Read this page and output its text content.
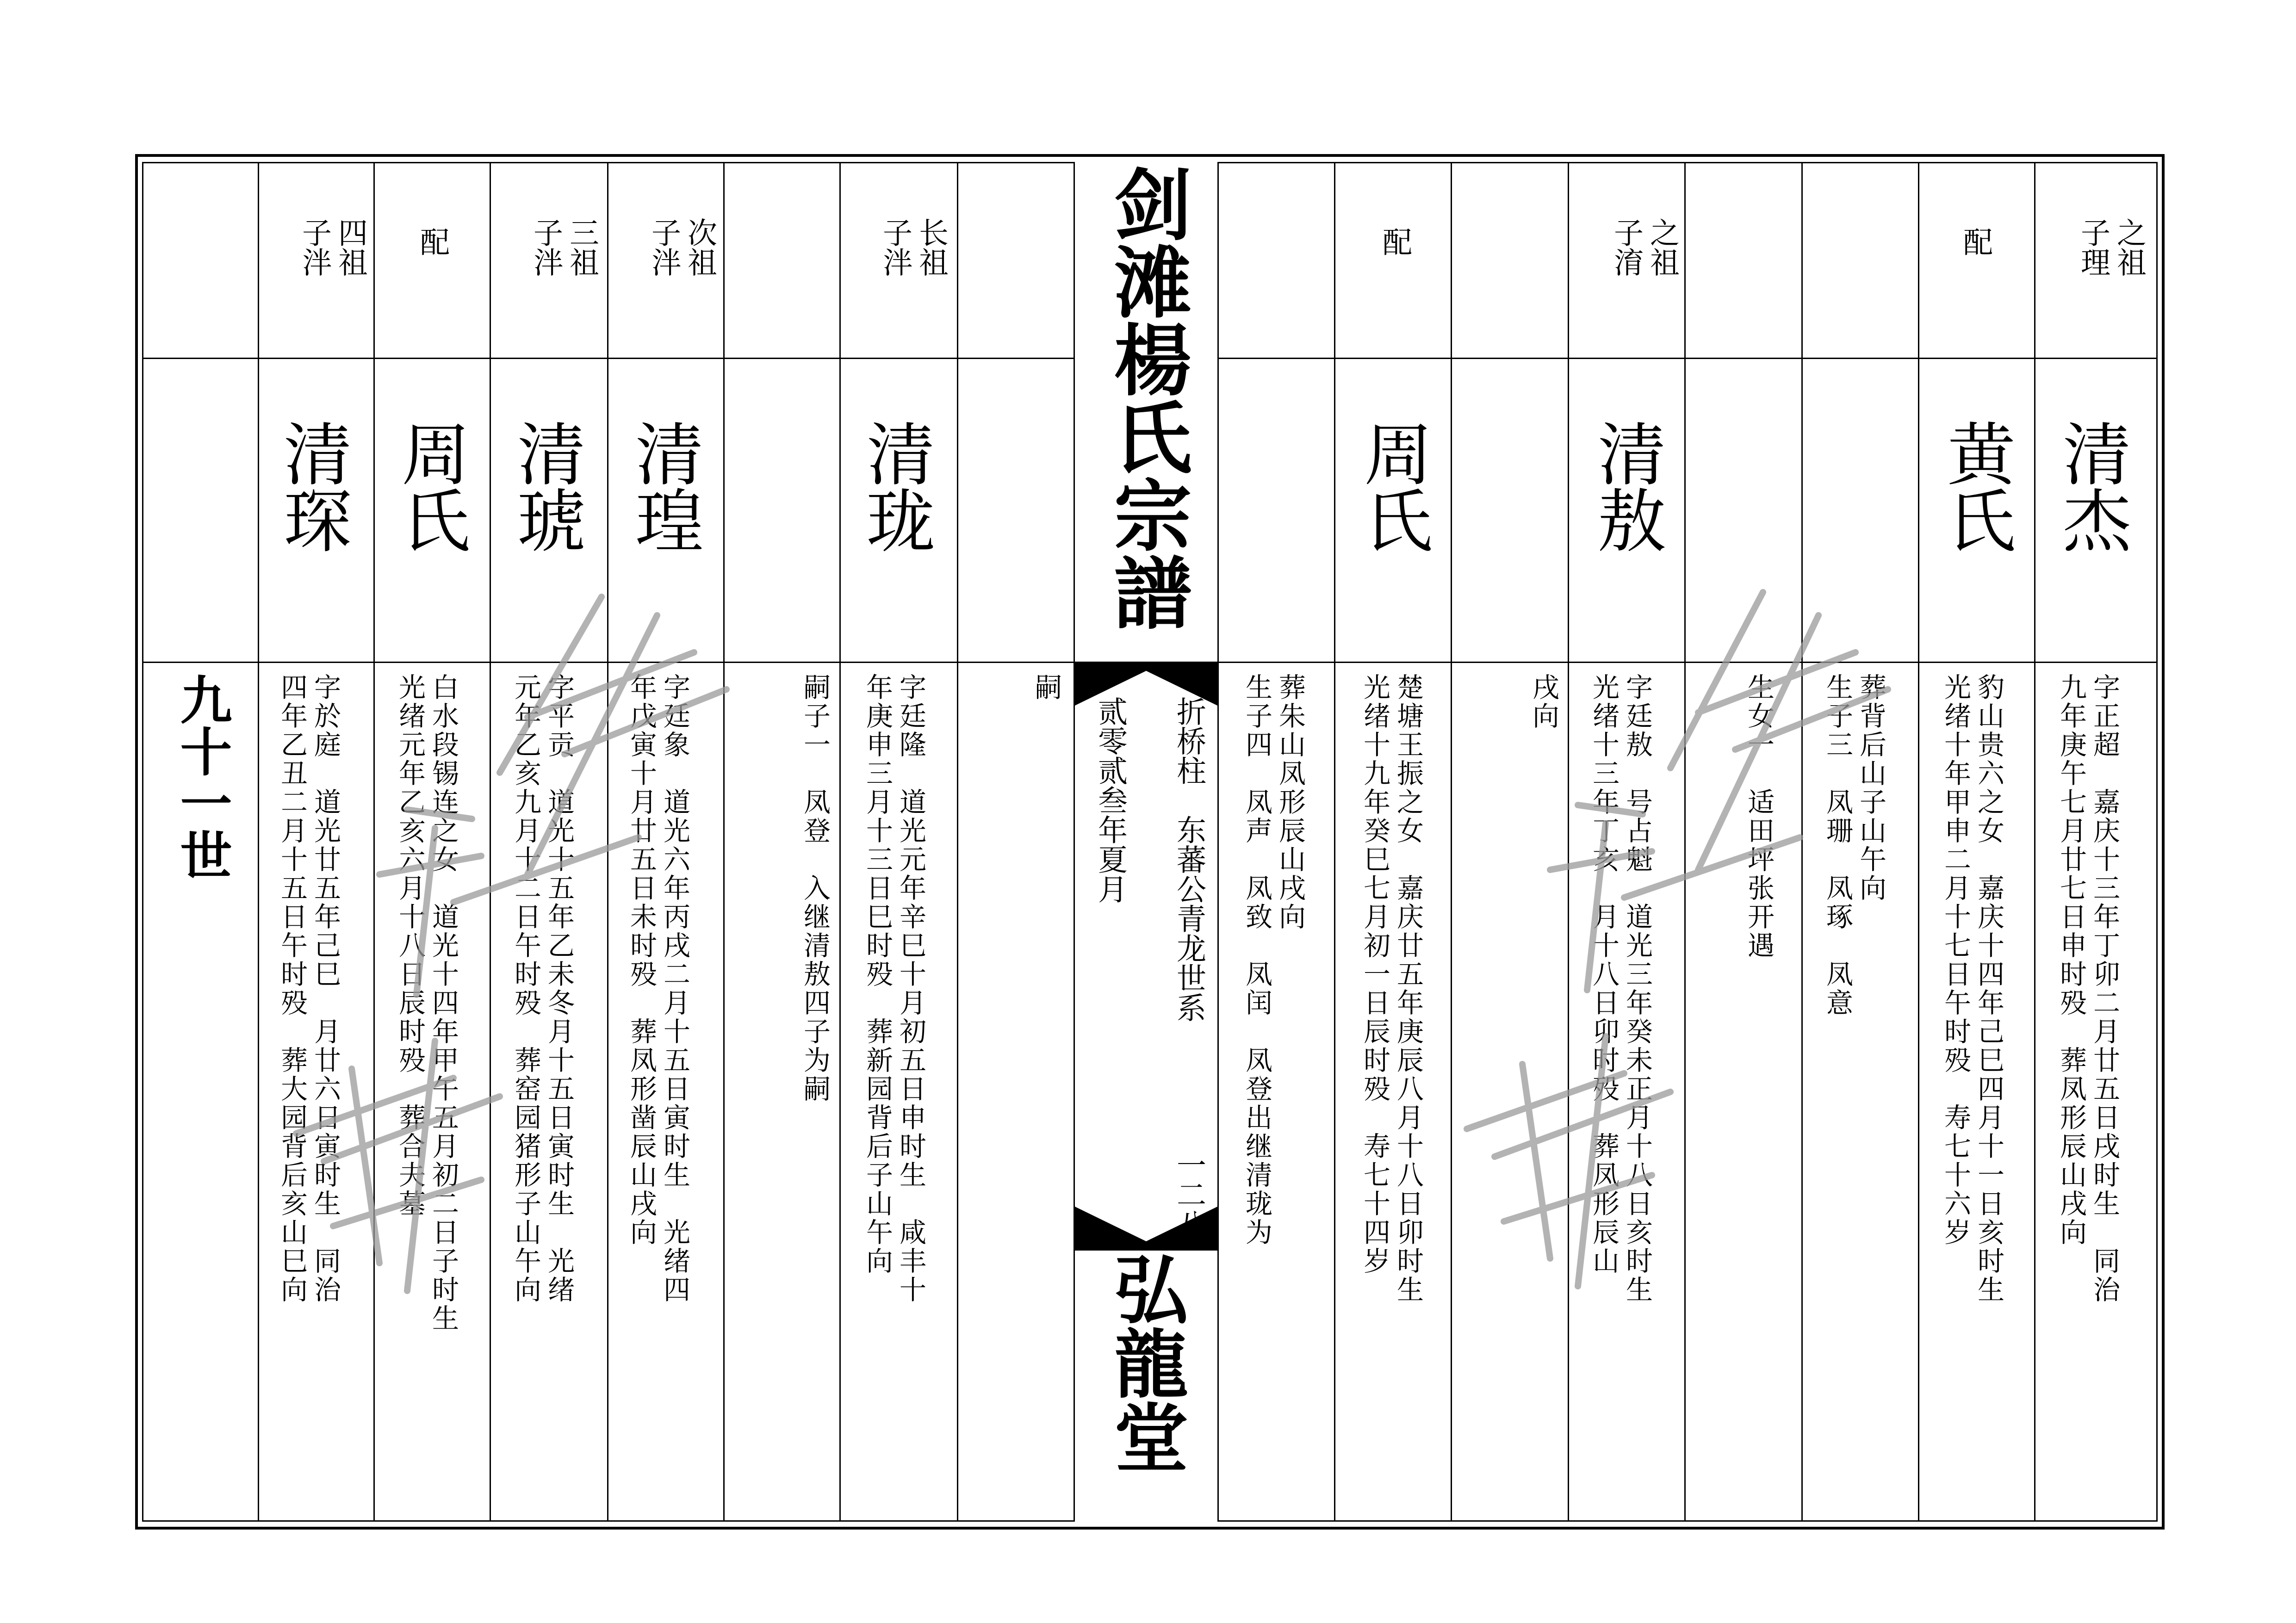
剑滩楊氏宗譜
折桥柱　东蕃公青龙世系
一二八
贰零贰叁年夏月
弘龍堂
九十一世
之祖
子理
清杰
字正超　嘉庆十三年丁卯二月廿五日戌时生　同治
九年庚午七月廿七日申时殁　葬凤形辰山戌向
配
黄氏
豹山贵六之女　嘉庆十四年己巳四月十一日亥时生
光绪十年甲申二月十七日午时殁　寿七十六岁
葬背后山子山午向
生子三　凤珊　凤琢　凤意
生女一　适田坪张开遇
之祖
子淯
清敖
字廷敖　号占魁　道光三年癸未正月十八日亥时生
光绪十三年丁亥　月十八日卯时殁　葬凤形辰山
戌向
配
周氏
楚塘王振之女　嘉庆廿五年庚辰八月十八日卯时生
光绪十九年癸巳七月初一日辰时殁　寿七十四岁
葬朱山凤形辰山戌向
生子四　凤声　凤致　凤闰　凤登出继清珑为
嗣
长祖
子泮
清珑
字廷隆　道光元年辛巳十月初五日申时生　咸丰十
年庚申三月十三日巳时殁　葬新园背后子山午向
嗣子一　凤登　入继清敖四子为嗣
次祖
子泮
清瑝
字廷象　道光六年丙戌二月十五日寅时生　光绪四
年戊寅十月廿五日未时殁　葬凤形凿辰山戌向
三祖
子泮
清琥
字平贡　道光十五年乙未冬月十五日寅时生　光绪
元年乙亥九月十二日午时殁　葬窑园猪形子山午向
配
周氏
白水段锡连之女　道光十四年甲午五月初二日子时生
光绪元年乙亥六月十八日辰时殁　葬合夫墓
四祖
子泮
清琛
字於庭　道光廿五年己巳　月廿六日寅时生　同治
四年乙丑二月十五日午时殁　葬大园背后亥山巳向
